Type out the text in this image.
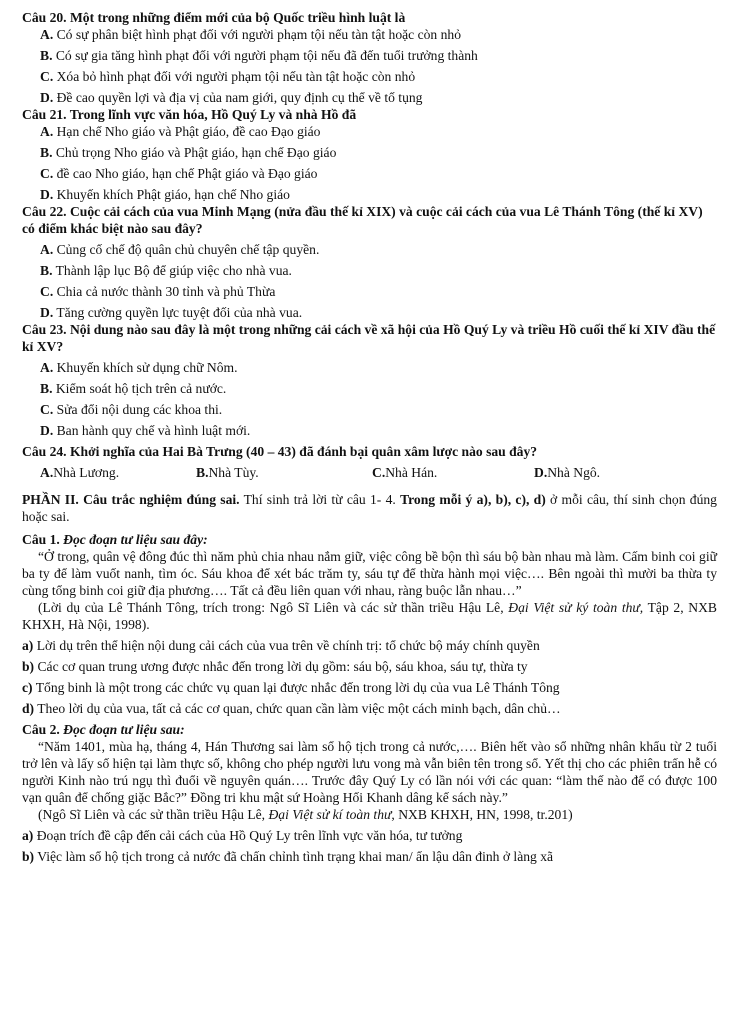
Câu 20. Một trong những điểm mới của bộ Quốc triều hình luật là

A. Có sự phân biệt hình phạt đối với người phạm tội nếu tàn tật hoặc còn nhỏ

B. Có sự gia tăng hình phạt đối với người phạm tội nếu đã đến tuổi trưởng thành

C. Xóa bỏ hình phạt đối với người phạm tội nếu tàn tật hoặc còn nhỏ

D. Đề cao quyền lợi và địa vị của nam giới, quy định cụ thể về tố tụng

Câu 21. Trong lĩnh vực văn hóa, Hồ Quý Ly và nhà Hồ đã

A. Hạn chế Nho giáo và Phật giáo, đề cao Đạo giáo

B. Chủ trọng Nho giáo và Phật giáo, hạn chế Đạo giáo

C. đề cao Nho giáo, hạn chế Phật giáo và Đạo giáo

D. Khuyến khích Phật giáo, hạn chế Nho giáo

Câu 22. Cuộc cải cách của vua Minh Mạng (nửa đầu thế kỉ XIX) và cuộc cải cách của vua Lê Thánh Tông (thế kỉ XV) có điểm khác biệt nào sau đây?

A. Củng cố chế độ quân chủ chuyên chế tập quyền.

B. Thành lập lục Bộ để giúp việc cho nhà vua.

C. Chia cả nước thành 30 tỉnh và phủ Thừa

D. Tăng cường quyền lực tuyệt đối của nhà vua.

Câu 23. Nội dung nào sau đây là một trong những cải cách về xã hội của Hồ Quý Ly và triều Hồ cuối thế kỉ XIV đầu thế kỉ XV?

A. Khuyến khích sử dụng chữ Nôm.

B. Kiểm soát hộ tịch trên cả nước.

C. Sửa đổi nội dung các khoa thi.

D. Ban hành quy chế và hình luật mới.

Câu 24. Khởi nghĩa của Hai Bà Trưng (40 – 43) đã đánh bại quân xâm lược nào sau đây?

A.Nhà Lương.	B.Nhà Tùy.	C.Nhà Hán.	D.Nhà Ngô.

PHẦN II. Câu trắc nghiệm đúng sai. Thí sinh trả lời từ câu 1- 4. Trong mỗi ý a), b), c), d) ở mỗi câu, thí sinh chọn đúng hoặc sai.

Câu 1. Đọc đoạn tư liệu sau đây:

“Ở trong, quân vệ đông đúc thì năm phủ chia nhau nắm giữ, việc công bề bộn thì sáu bộ bàn nhau mà làm. Cấm binh coi giữ ba ty để làm vuốt nanh, tìm óc. Sáu khoa để xét bác trăm ty, sáu tự để thừa hành mọi việc…. Bên ngoài thì mười ba thừa ty cùng tổng binh coi giữ địa phương…. Tất cả đều liên quan với nhau, ràng buộc lẫn nhau…”

(Lời dụ của Lê Thánh Tông, trích trong: Ngô Sĩ Liên và các sử thần triều Hậu Lê, Đại Việt sử ký toàn thư, Tập 2, NXB KHXH, Hà Nội, 1998).

a) Lời dụ trên thể hiện nội dung cải cách của vua trên về chính trị: tổ chức bộ máy chính quyền

b) Các cơ quan trung ương được nhắc đến trong lời dụ gồm: sáu bộ, sáu khoa, sáu tự, thừa ty

c) Tổng binh là một trong các chức vụ quan lại được nhắc đến trong lời dụ của vua Lê Thánh Tông

d) Theo lời dụ của vua, tất cả các cơ quan, chức quan cần làm việc một cách minh bạch, dân chủ…

Câu 2. Đọc đoạn tư liệu sau:

“Năm 1401, mùa hạ, tháng 4, Hán Thương sai làm sổ hộ tịch trong cả nước,…. Biên hết vào sổ những nhân khẩu từ 2 tuổi trở lên và lấy số hiện tại làm thực số, không cho phép người lưu vong mà vẫn biên tên trong sổ. Yết thị cho các phiên trấn hễ có người Kinh nào trú ngụ thì đuổi về nguyên quán…. Trước đây Quý Ly có lần nói với các quan: “làm thế nào để có được 100 vạn quân để chống giặc Bắc?” Đồng tri khu mật sứ Hoàng Hối Khanh dâng kế sách này.”

(Ngô Sĩ Liên và các sử thần triều Hậu Lê, Đại Việt sử kí toàn thư, NXB KHXH, HN, 1998, tr.201)

a) Đoạn trích đề cập đến cải cách của Hồ Quý Ly trên lĩnh vực văn hóa, tư tưởng

b) Việc làm sổ hộ tịch trong cả nước đã chấn chỉnh tình trạng khai man/ ẩn lậu dân đinh ở làng xã
